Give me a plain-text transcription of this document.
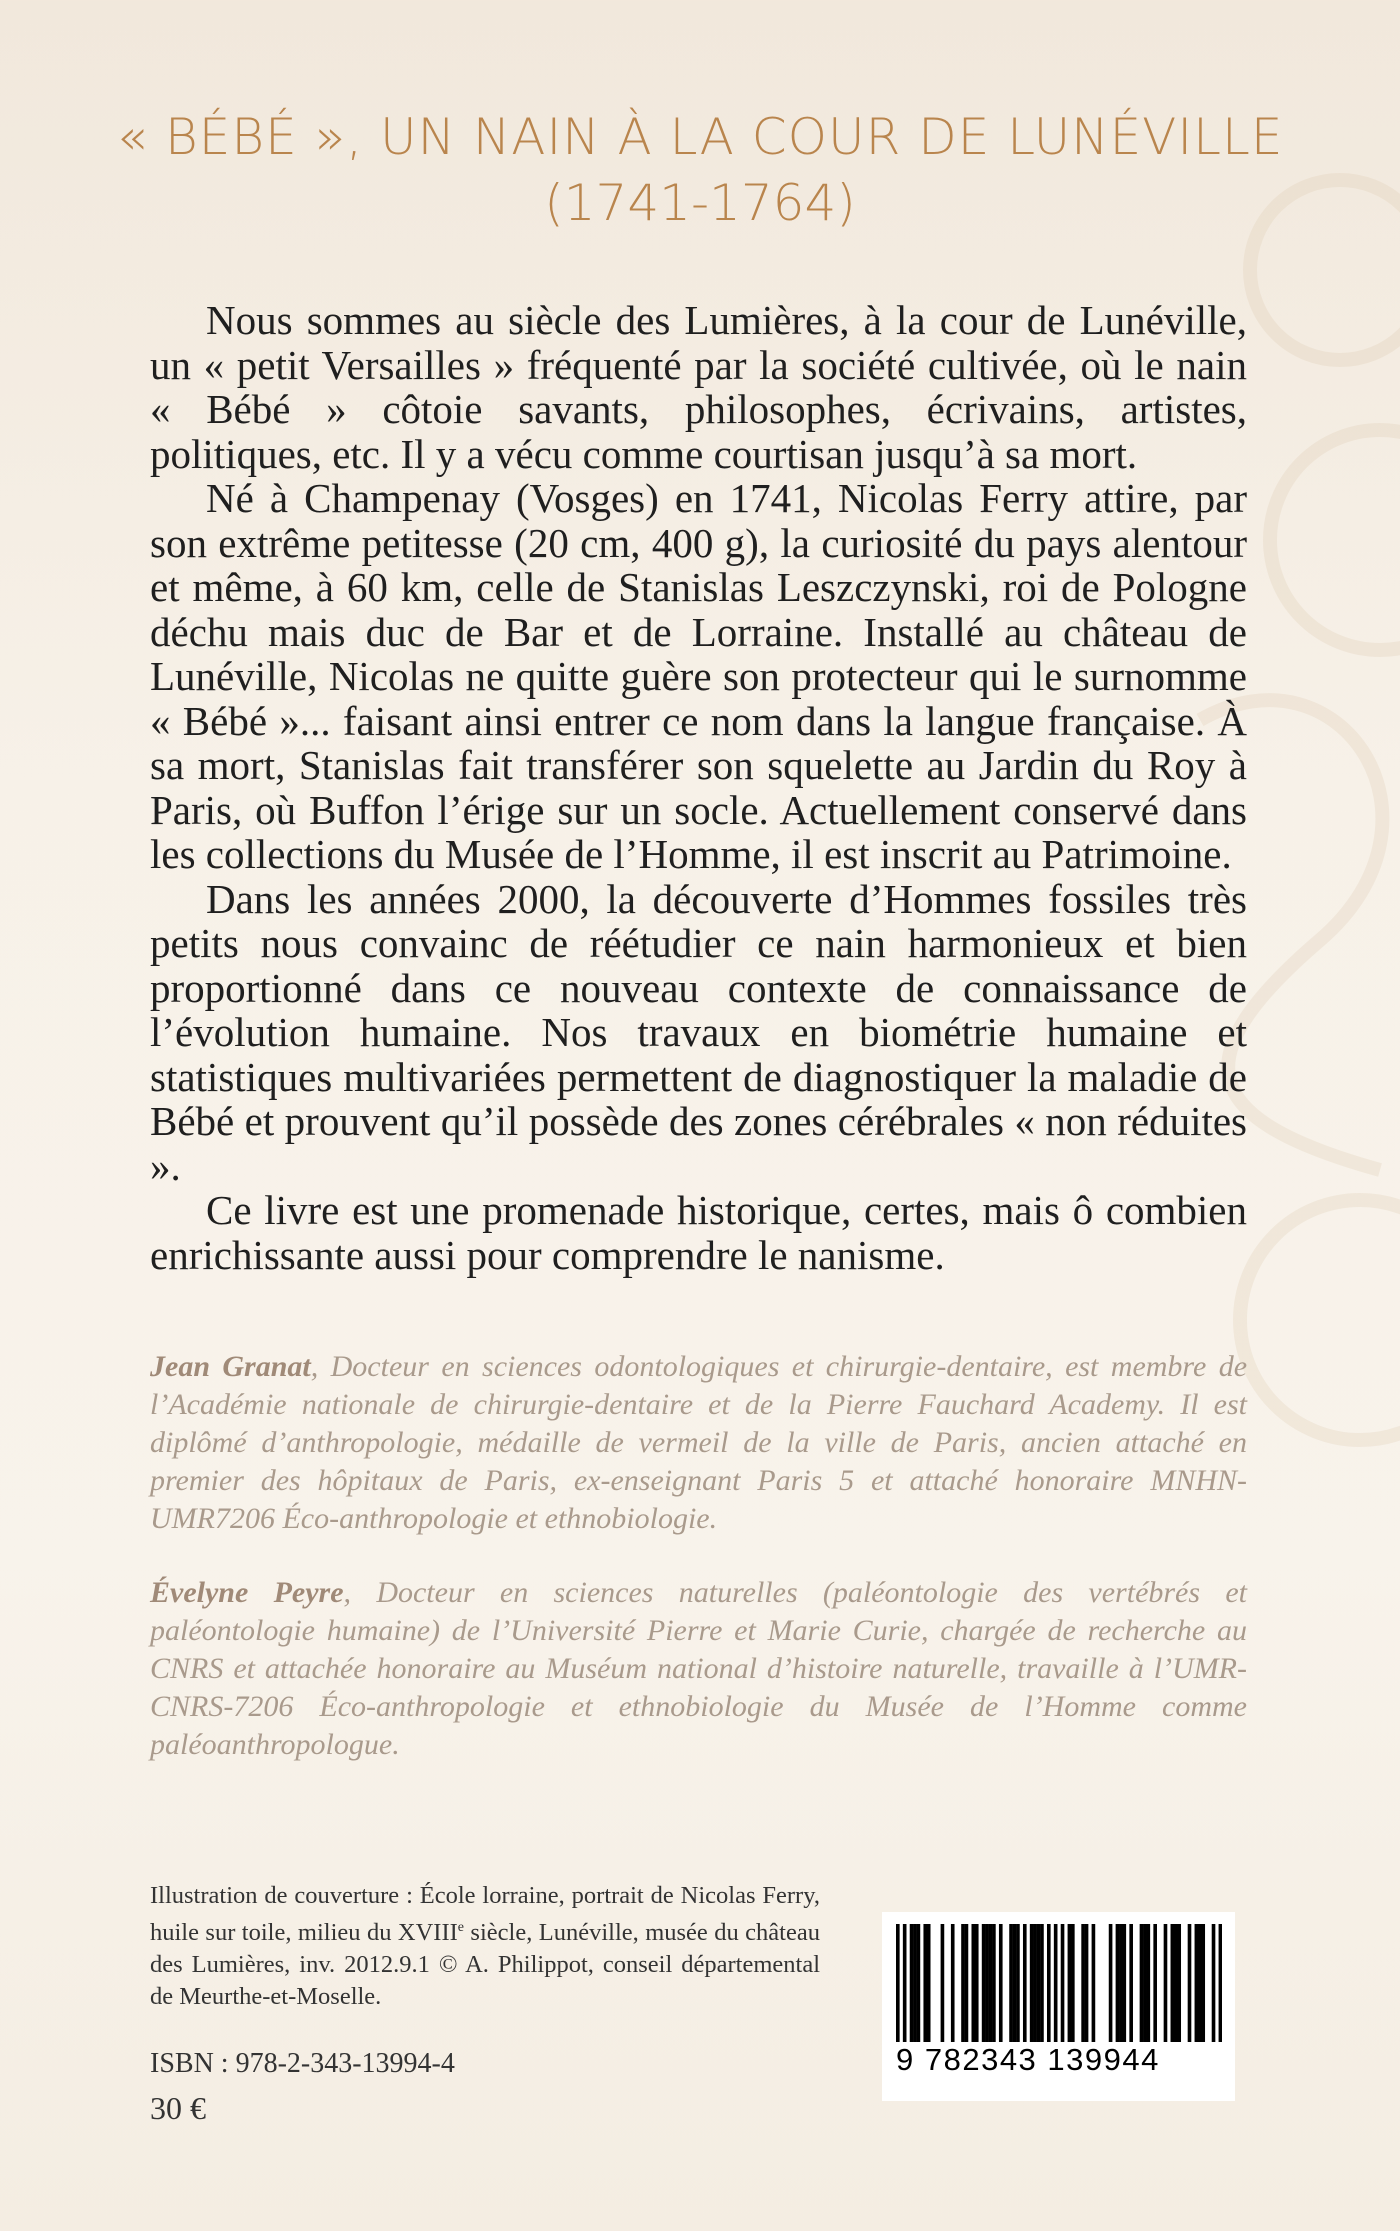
« BÉBÉ », UN NAIN À LA COUR DE LUNÉVILLE
(1741-1764)

Nous sommes au siècle des Lumières, à la cour de Lunéville, un « petit Versailles » fréquenté par la société cultivée, où le nain « Bébé » côtoie savants, philosophes, écrivains, artistes, politiques, etc. Il y a vécu comme courtisan jusqu’à sa mort.

Né à Champenay (Vosges) en 1741, Nicolas Ferry attire, par son extrême petitesse (20 cm, 400 g), la curiosité du pays alentour et même, à 60 km, celle de Stanislas Leszczynski, roi de Pologne déchu mais duc de Bar et de Lorraine. Installé au château de Lunéville, Nicolas ne quitte guère son protecteur qui le surnomme « Bébé »... faisant ainsi entrer ce nom dans la langue française. À sa mort, Stanislas fait transférer son squelette au Jardin du Roy à Paris, où Buffon l’érige sur un socle. Actuellement conservé dans les collections du Musée de l’Homme, il est inscrit au Patrimoine.

Dans les années 2000, la découverte d’Hommes fossiles très petits nous convainc de réétudier ce nain harmonieux et bien proportionné dans ce nouveau contexte de connaissance de l’évolution humaine. Nos travaux en biométrie humaine et statistiques multivariées permettent de diagnostiquer la maladie de Bébé et prouvent qu’il possède des zones cérébrales « non réduites ».

Ce livre est une promenade historique, certes, mais ô combien enrichissante aussi pour comprendre le nanisme.

Jean Granat, Docteur en sciences odontologiques et chirurgie-dentaire, est membre de l’Académie nationale de chirurgie-dentaire et de la Pierre Fauchard Academy. Il est diplômé d’anthropologie, médaille de vermeil de la ville de Paris, ancien attaché en premier des hôpitaux de Paris, ex-enseignant Paris 5 et attaché honoraire MNHN-UMR7206 Éco-anthropologie et ethnobiologie.

Évelyne Peyre, Docteur en sciences naturelles (paléontologie des vertébrés et paléontologie humaine) de l’Université Pierre et Marie Curie, chargée de recherche au CNRS et attachée honoraire au Muséum national d’histoire naturelle, travaille à l’UMR-CNRS-7206 Éco-anthropologie et ethnobiologie du Musée de l’Homme comme paléoanthropologue.

Illustration de couverture : École lorraine, portrait de Nicolas Ferry, huile sur toile, milieu du XVIIIe siècle, Lunéville, musée du château des Lumières, inv. 2012.9.1 © A. Philippot, conseil départemental de Meurthe-et-Moselle.
ISBN : 978-2-343-13994-4
30 €
9 782343 139944
